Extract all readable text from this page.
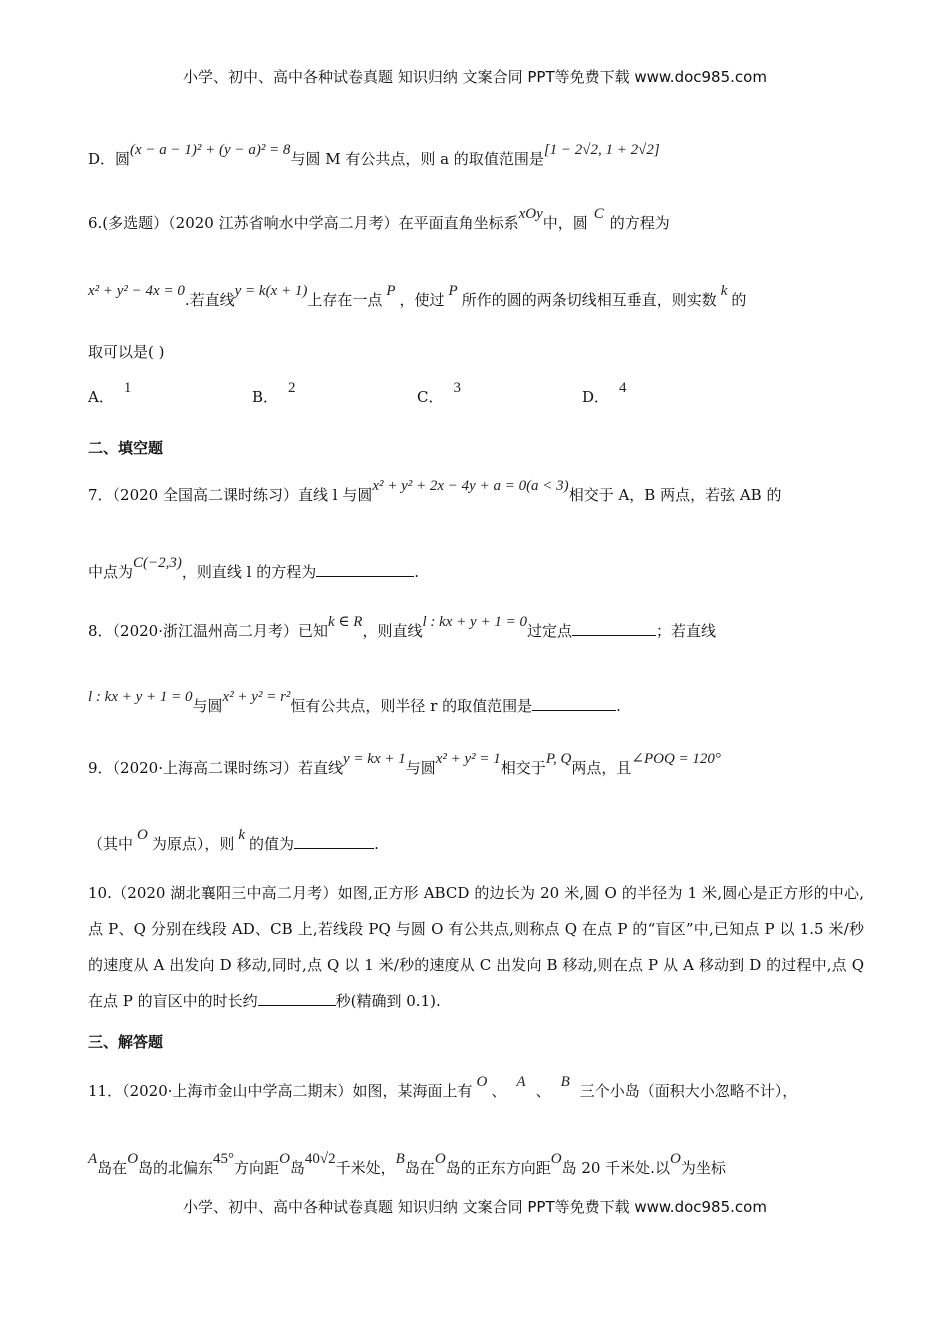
小学、初中、高中各种试卷真题 知识归纳 文案合同 PPT等免费下载 www.doc985.com
D．圆(x − a − 1)² + (y − a)² = 8与圆 M 有公共点，则 a 的取值范围是[1 − 2√2, 1 + 2√2]
6.(多选题）（2020 江苏省响水中学高二月考）在平面直角坐标系xOy中，圆 C 的方程为
x² + y² − 4x = 0.若直线y = k(x + 1)上存在一点 P ，使过 P 所作的圆的两条切线相互垂直，则实数 k 的
取可以是( )
A． 1	B． 2	C． 3	D． 4
二、填空题
7．（2020 全国高二课时练习）直线 l 与圆x² + y² + 2x − 4y + a = 0(a < 3)相交于 A，B 两点，若弦 AB 的
中点为C(−2,3)，则直线 l 的方程为	.
8．（2020·浙江温州高二月考）已知k ∈ R，则直线l : kx + y + 1 = 0过定点	；若直线
l : kx + y + 1 = 0与圆x² + y² = r²恒有公共点，则半径 r 的取值范围是	.
9．（2020·上海高二课时练习）若直线y = kx + 1与圆x² + y² = 1相交于P, Q两点，且∠POQ = 120°
（其中 O 为原点），则 k 的值为	.
10.（2020 湖北襄阳三中高二月考）如图,正方形 ABCD 的边长为 20 米,圆 O 的半径为 1 米,圆心是正方形的中心,点 P、Q 分别在线段 AD、CB 上,若线段 PQ 与圆 O 有公共点,则称点 Q 在点 P 的“盲区”中,已知点 P 以 1.5 米/秒的速度从 A 出发向 D 移动,同时,点 Q 以 1 米/秒的速度从 C 出发向 B 移动,则在点 P 从 A 移动到 D 的过程中,点 Q 在点 P 的盲区中的时长约	秒(精确到 0.1).
三、解答题
11．（2020·上海市金山中学高二期末）如图，某海面上有 O 、 A 、 B 三个小岛（面积大小忽略不计），
A岛在O岛的北偏东45°方向距O岛40√2千米处，B岛在O岛的正东方向距O岛 20 千米处.以O为坐标
小学、初中、高中各种试卷真题 知识归纳 文案合同 PPT等免费下载 www.doc985.com
